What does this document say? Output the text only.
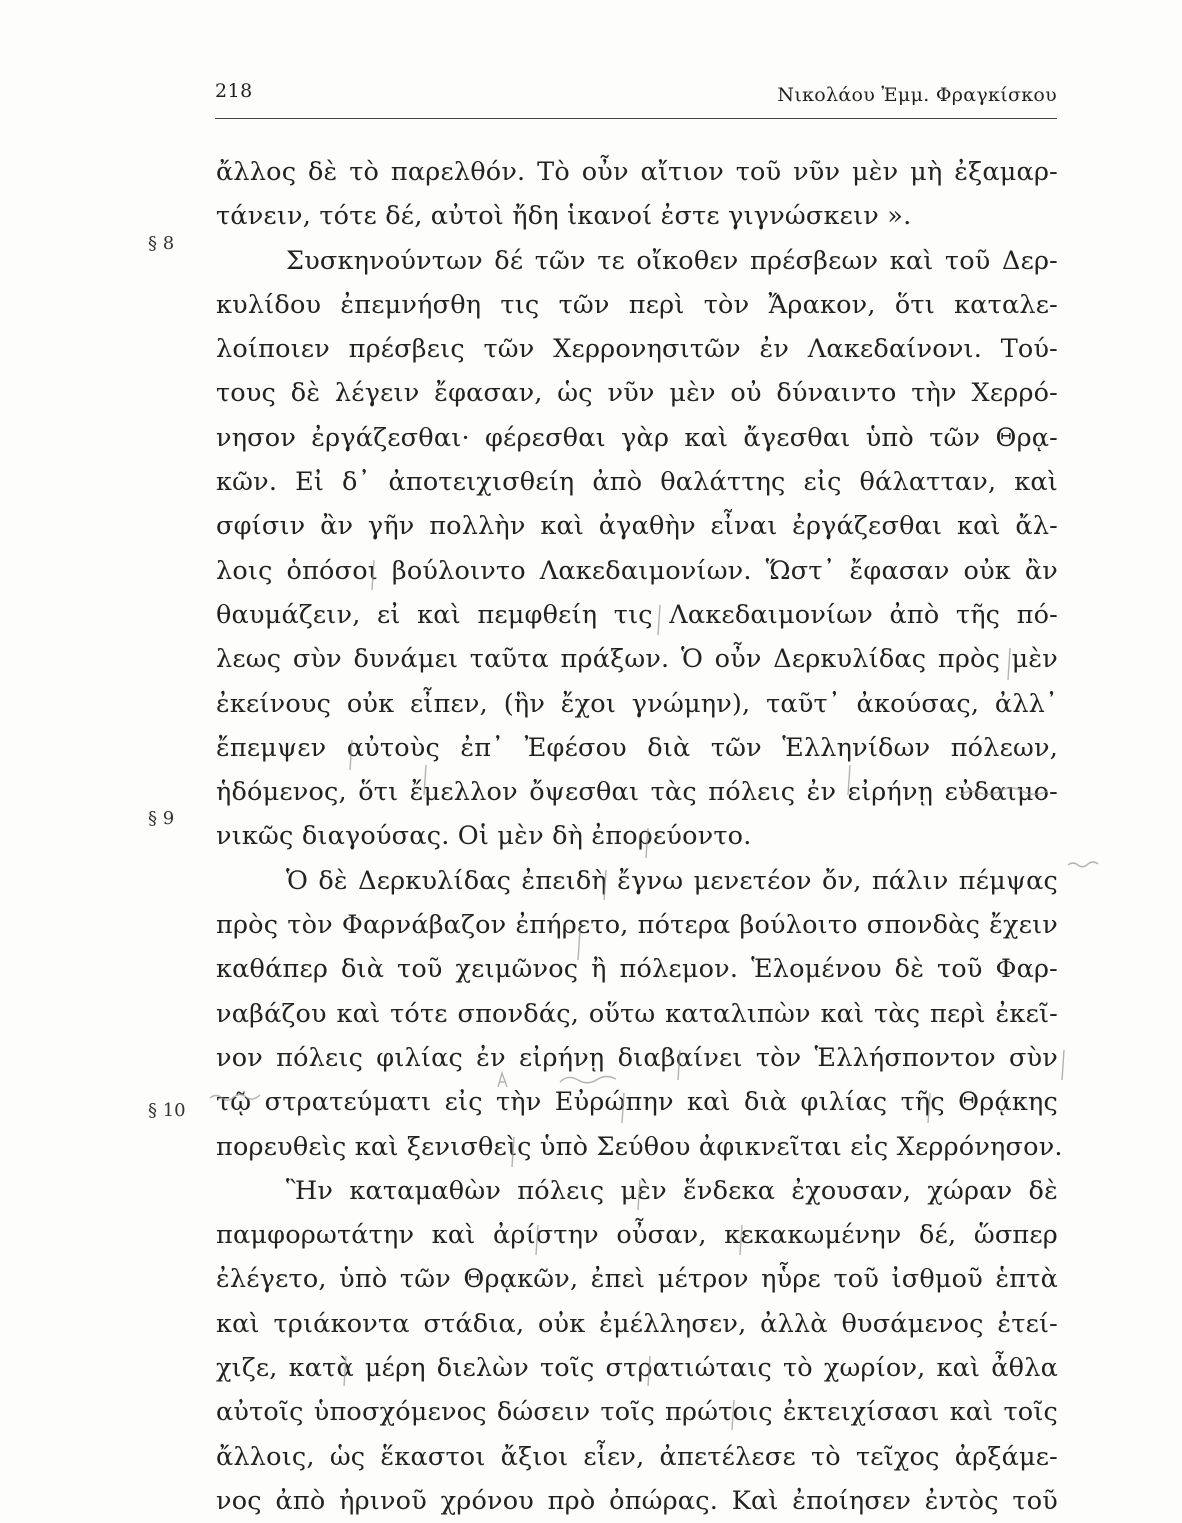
218	Νικολάου Ἐμμ. Φραγκίσκου
§ 8
§ 9
§ 10
ἄλλος δὲ τὸ παρελθόν. Τὸ οὖν αἴτιον τοῦ νῦν μὲν μὴ ἐξαμαρ-
τάνειν, τότε δέ, αὐτοὶ ἤδη ἱκανοί ἐστε γιγνώσκειν ».
Συσκηνούντων δέ τῶν τε οἴκοθεν πρέσβεων καὶ τοῦ Δερ-
κυλίδου ἐπεμνήσθη τις τῶν περὶ τὸν Ἄρακον, ὅτι καταλε-
λοίποιεν πρέσβεις τῶν Χερρονησιτῶν ἐν Λακεδαίνονι. Τού-
τους δὲ λέγειν ἔφασαν, ὡς νῦν μὲν οὐ δύναιντο τὴν Χερρό-
νησον ἐργάζεσθαι· φέρεσθαι γὰρ καὶ ἄγεσθαι ὑπὸ τῶν Θρᾳ-
κῶν. Εἰ δ᾽ ἀποτειχισθείη ἀπὸ θαλάττης εἰς θάλατταν, καὶ
σφίσιν ἂν γῆν πολλὴν καὶ ἀγαθὴν εἶναι ἐργάζεσθαι καὶ ἄλ-
λοις ὁπόσοι βούλοιντο Λακεδαιμονίων. Ὥστ᾽ ἔφασαν οὐκ ἂν
θαυμάζειν, εἰ καὶ πεμφθείη τις Λακεδαιμονίων ἀπὸ τῆς πό-
λεως σὺν δυνάμει ταῦτα πράξων. Ὁ οὖν Δερκυλίδας πρὸς μὲν
ἐκείνους οὐκ εἶπεν, (ἣν ἔχοι γνώμην), ταῦτ᾽ ἀκούσας, ἀλλ᾽
ἔπεμψεν αὐτοὺς ἐπ᾽ Ἐφέσου διὰ τῶν Ἑλληνίδων πόλεων,
ἡδόμενος, ὅτι ἔμελλον ὄψεσθαι τὰς πόλεις ἐν εἰρήνῃ εὐδαιμο-
νικῶς διαγούσας. Οἱ μὲν δὴ ἐπορεύοντο.
Ὁ δὲ Δερκυλίδας ἐπειδὴ ἔγνω μενετέον ὄν, πάλιν πέμψας
πρὸς τὸν Φαρνάβαζον ἐπήρετο, πότερα βούλοιτο σπονδὰς ἔχειν
καθάπερ διὰ τοῦ χειμῶνος ἢ πόλεμον. Ἑλομένου δὲ τοῦ Φαρ-
ναβάζου καὶ τότε σπονδάς, οὕτω καταλιπὼν καὶ τὰς περὶ ἐκεῖ-
νον πόλεις φιλίας ἐν εἰρήνῃ διαβαίνει τὸν Ἑλλήσποντον σὺν
τῷ στρατεύματι εἰς τὴν Εὐρώπην καὶ διὰ φιλίας τῆς Θρᾴκης
πορευθεὶς καὶ ξενισθεὶς ὑπὸ Σεύθου ἀφικνεῖται εἰς Χερρόνησον.
Ἣν καταμαθὼν πόλεις μὲν ἕνδεκα ἐχουσαν, χώραν δὲ
παμφορωτάτην καὶ ἀρίστην οὖσαν, κεκακωμένην δέ, ὥσπερ
ἐλέγετο, ὑπὸ τῶν Θρᾳκῶν, ἐπεὶ μέτρον ηὗρε τοῦ ἰσθμοῦ ἑπτὰ
καὶ τριάκοντα στάδια, οὐκ ἐμέλλησεν, ἀλλὰ θυσάμενος ἐτεί-
χιζε, κατὰ μέρη διελὼν τοῖς στρατιώταις τὸ χωρίον, καὶ ἆθλα
αὐτοῖς ὑποσχόμενος δώσειν τοῖς πρώτοις ἐκτειχίσασι καὶ τοῖς
ἄλλοις, ὡς ἕκαστοι ἄξιοι εἶεν, ἀπετέλεσε τὸ τεῖχος ἀρξάμε-
νος ἀπὸ ἠρινοῦ χρόνου πρὸ ὀπώρας. Καὶ ἐποίησεν ἐντὸς τοῦ
